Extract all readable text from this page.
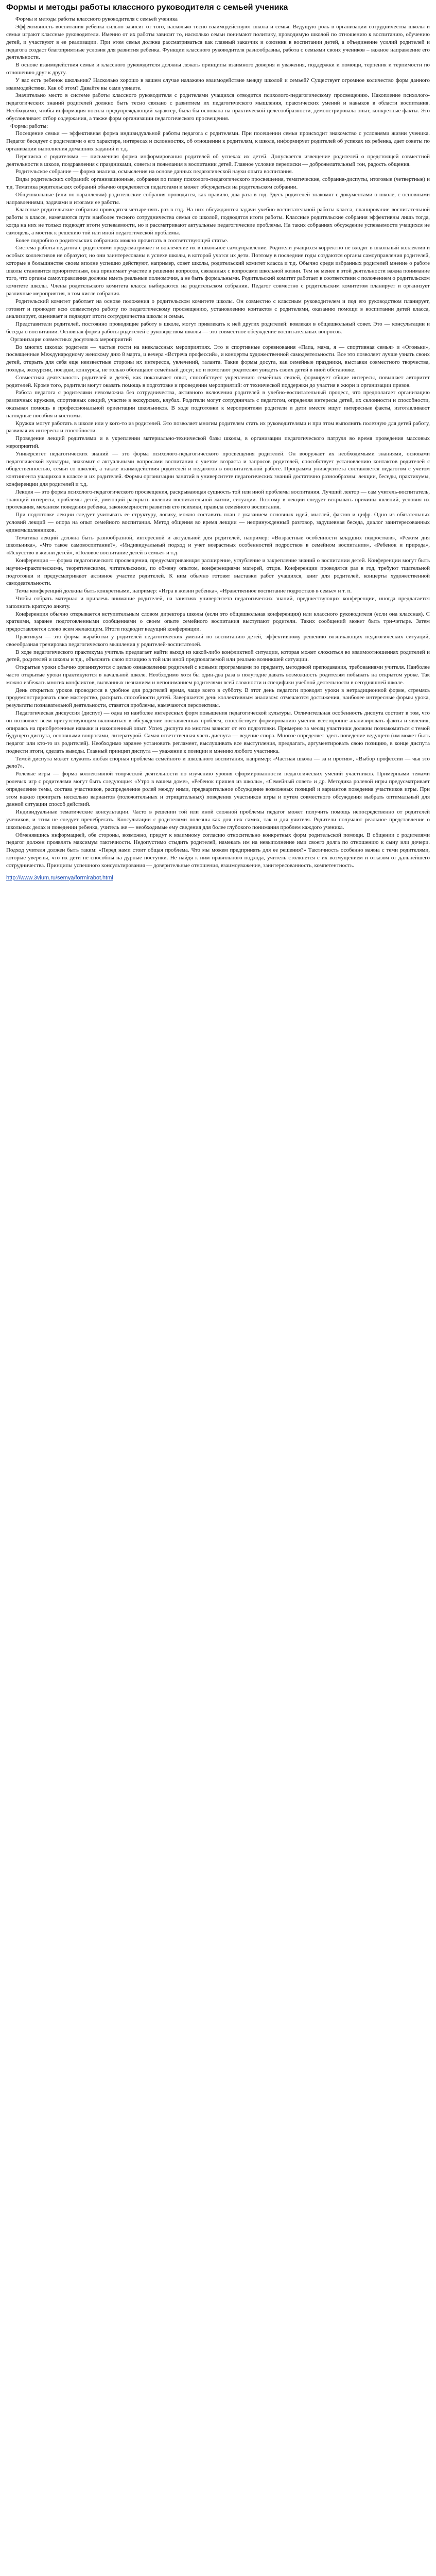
Формы и методы работы классного руководителя с семьей ученика

Формы и методы работы классного руководителя с семьей ученика

Эффективность воспитания ребенка сильно зависит от того, насколько тесно взаимодействуют школа и семья. Ведущую роль в организации сотрудничества школы и семьи играют классные руководители. Именно от их работы зависит то, насколько семьи понимают политику, проводимую школой по отношению к воспитанию, обучению детей, и участвуют в ее реализации. При этом семья должна рассматриваться как главный заказчик и союзник в воспитании детей, а объединение усилий родителей и педагога создаст благоприятные условия для развития ребенка. Функции классного руководителя разнообразны, работа с семьями своих учеников – важное направление его деятельности.

В основе взаимодействия семьи и классного руководителя должны лежать принципы взаимного доверия и уважения, поддержки и помощи, терпения и терпимости по отношению друг к другу.

У вас есть ребенок школьник? Насколько хорошо в вашем случае налажено взаимодействие между школой и семьей? Существует огромное количество форм данного взаимодействия. Как об этом? Давайте вы сами узнаете.

Значительно место в системе работы классного руководителя с родителями учащихся отводится психолого-педагогическому просвещению. Накопление психолого-педагогических знаний родителей должно быть тесно связано с развитием их педагогического мышления, практических умений и навыков в области воспитания. Необходимо, чтобы информация носила предупреждающий характер, была бы основана на практической целесообразности, демонстрировала опыт, конкретные факты. Это обусловливает отбор содержания, а также форм организации педагогического просвещения.

Формы работы:

Посещение семьи — эффективная форма индивидуальной работы педагога с родителями. При посещении семьи происходит знакомство с условиями жизни ученика. Педагог беседует с родителями о его характере, интересах и склонностях, об отношении к родителям, к школе, информирует родителей об успехах их ребенка, дает советы по организации выполнения домашних заданий и т.д.

Переписка с родителями — письменная форма информирования родителей об успехах их детей. Допускается извещение родителей о предстоящей совместной деятельности в школе, поздравления с праздниками, советы и пожелания в воспитании детей. Главное условие переписки — доброжелательный тон, радость общения.

Родительское собрание — форма анализа, осмысления на основе данных педагогической науки опыта воспитания.

Виды родительских собраний: организационные, собрания по плану психолого-педагогического просвещения, тематические, собрания-диспуты, итоговые (четвертные) и т.д. Тематика родительских собраний обычно определяется педагогами и может обсуждаться на родительском собрании.

Общешкольные (или по параллелям) родительские собрания проводятся, как правило, два раза в год. Здесь родителей знакомят с документами о школе, с основными направлениями, задачами и итогами ее работы.

Классные родительские собрания проводятся четыре-пять раз в год. На них обсуждаются задачи учебно-воспитательной работы класса, планирование воспитательной работы в классе, намечаются пути наиболее тесного сотрудничества семьи со школой, подводятся итоги работы. Классные родительские собрания эффективны лишь тогда, когда на них не только подводят итоги успеваемости, но и рассматривают актуальные педагогические проблемы. На таких собраниях обсуждение успеваемости учащихся не самоцель, а мостик к решению той или иной педагогической проблемы.

Более подробно о родительских собраниях можно прочитать в соответствующей статье.

Система работы педагога с родителями предусматривает и вовлечение их в школьное самоуправление. Родители учащихся корректно не входят в школьный коллектив и особых коллективов не образуют, но они заинтересованы в успехе школы, в которой учатся их дети. Поэтому в последние годы создаются органы самоуправления родителей, которые в большинстве своем вполне успешно действуют, например, совет школы, родительский комитет класса и т.д. Обычно среди избранных родителей мнение о работе школы становится приоритетным, она принимает участие в решении вопросов, связанных с вопросами школьной жизни. Тем не менее в этой деятельности важна понимание того, что органы самоуправления должны иметь реальные полномочия, а не быть формальными. Родительский комитет работает в соответствии с положением о родительском комитете школы. Члены родительского комитета класса выбираются на родительском собрании. Педагог совместно с родительским комитетом планирует и организует различные мероприятия, в том числе собрания.

Родительский комитет работает на основе положения о родительском комитете школы. Он совместно с классным руководителем и под его руководством планирует, готовит и проводит всю совместную работу по педагогическому просвещению, установлению контактов с родителями, оказанию помощи в воспитании детей класса, анализирует, оценивает и подводит итоги сотрудничества школы и семьи.

Представители родителей, постоянно проводящие работу в школе, могут привлекать к ней других родителей: вовлекая в общешкольный совет. Это — консультации и беседы о воспитании. Основная форма работы родителей с руководством школы — это совместное обсуждение воспитательных вопросов.

Организация совместных досуговых мероприятий

Во многих школах родители — частые гости на внеклассных мероприятиях. Это и спортивные соревнования «Папа, мама, я — спортивная семья» и «Огоньки», посвященные Международному женскому дню 8 марта, и вечера «Встреча профессий», и концерты художественной самодеятельности. Все это позволяет лучше узнать своих детей, открыть для себя еще неизвестные стороны их интересов, увлечений, таланта. Такие формы досуга, как семейные праздники, выставки совместного творчества, походы, экскурсии, поездки, конкурсы, не только обогащают семейный досуг, но и помогают родителям увидеть своих детей в иной обстановке.

Совместная деятельность родителей и детей, как показывает опыт, способствует укреплению семейных связей, формирует общие интересы, повышает авторитет родителей. Кроме того, родители могут оказать помощь в подготовке и проведении мероприятий: от технической поддержки до участия в жюри и организации призов.

Работа педагога с родителями невозможна без сотрудничества, активного включения родителей в учебно-воспитательный процесс, что предполагает организацию различных кружков, спортивных секций, участие в экскурсиях, клубах. Родители могут сотрудничать с педагогом, определяя интересы детей, их склонности и способности, оказывая помощь в профессиональной ориентации школьников. В ходе подготовки к мероприятиям родители и дети вместе ищут интересные факты, изготавливают наглядные пособия и костюмы.

Кружки могут работать в школе или у кого-то из родителей. Это позволяет многим родителям стать их руководителями и при этом выполнять полезную для детей работу, развивая их интересы и способности.

Проведение лекций родителями и в укреплении материально-технической базы школы, в организации педагогического патруля во время проведения массовых мероприятий.

Университет педагогических знаний — это форма психолого-педагогического просвещения родителей. Он вооружает их необходимыми знаниями, основами педагогической культуры, знакомит с актуальными вопросами воспитания с учетом возраста и запросов родителей, способствует установлению контактов родителей с общественностью, семьи со школой, а также взаимодействия родителей и педагогов в воспитательной работе. Программа университета составляется педагогом с учетом контингента учащихся в классе и их родителей. Формы организации занятий в университете педагогических знаний достаточно разнообразны: лекции, беседы, практикумы, конференции для родителей и т.д.

Лекция — это форма психолого-педагогического просвещения, раскрывающая сущность той или иной проблемы воспитания. Лучший лектор — сам учитель-воспитатель, знающий интересы, проблемы детей, умеющий раскрыть явления воспитательной жизни, ситуации. Поэтому в лекции следует вскрывать причины явлений, условия их протекания, механизм поведения ребенка, закономерности развития его психики, правила семейного воспитания.

При подготовке лекции следует учитывать ее структуру, логику, можно составить план с указанием основных идей, мыслей, фактов и цифр. Одно из обязательных условий лекций — опора на опыт семейного воспитания. Метод общения во время лекции — непринужденный разговор, задушевная беседа, диалог заинтересованных единомышленников.

Тематика лекций должна быть разнообразной, интересной и актуальной для родителей, например: «Возрастные особенности младших подростков», «Режим дня школьника», «Что такое самовоспитание?», «Индивидуальный подход и учет возрастных особенностей подростков в семейном воспитании», «Ребенок и природа», «Искусство в жизни детей», «Половое воспитание детей в семье» и т.д.

Конференция — форма педагогического просвещения, предусматривающая расширение, углубление и закрепление знаний о воспитании детей. Конференции могут быть научно-практическими, теоретическими, читательскими, по обмену опытом, конференциями матерей, отцов. Конференции проводятся раз в год, требуют тщательной подготовки и предусматривают активное участие родителей. К ним обычно готовят выставки работ учащихся, книг для родителей, концерты художественной самодеятельности.

Темы конференций должны быть конкретными, например: «Игра в жизни ребенка», «Нравственное воспитание подростков в семье» и т. п.

Чтобы собрать материал и привлечь внимание родителей, на занятиях университета педагогических знаний, предшествующих конференции, иногда предлагается заполнить краткую анкету.

Конференция обычно открывается вступительным словом директора школы (если это общешкольная конференция) или классного руководителя (если она классная). С краткими, заранее подготовленными сообщениями о своем опыте семейного воспитания выступают родители. Таких сообщений может быть три-четыре. Затем предоставляется слово всем желающим. Итоги подводит ведущий конференции.

Практикум — это форма выработки у родителей педагогических умений по воспитанию детей, эффективному решению возникающих педагогических ситуаций, своеобразная тренировка педагогического мышления у родителей-воспитателей.

В ходе педагогического практикума учитель предлагает найти выход из какой-либо конфликтной ситуации, которая может сложиться во взаимоотношениях родителей и детей, родителей и школы и т.д., объяснить свою позицию в той или иной предполагаемой или реально возникшей ситуации.

Открытые уроки обычно организуются с целью ознакомления родителей с новыми программами по предмету, методикой преподавания, требованиями учителя. Наиболее часто открытые уроки практикуются в начальной школе. Необходимо хотя бы один-два раза в полугодие давать возможность родителям побывать на открытом уроке. Так можно избежать многих конфликтов, вызванных незнанием и непониманием родителями всей сложности и специфики учебной деятельности в сегодняшней школе.

День открытых уроков проводится в удобное для родителей время, чаще всего в субботу. В этот день педагоги проводят уроки в нетрадиционной форме, стремясь продемонстрировать свое мастерство, раскрыть способности детей. Завершается день коллективным анализом: отмечаются достижения, наиболее интересные формы урока, результаты познавательной деятельности, ставятся проблемы, намечаются перспективы.

Педагогическая дискуссия (диспут) — одна из наиболее интересных форм повышения педагогической культуры. Отличительная особенность диспута состоит в том, что он позволяет всем присутствующим включиться в обсуждение поставленных проблем, способствует формированию умения всесторонне анализировать факты и явления, опираясь на приобретенные навыки и накопленный опыт. Успех диспута во многом зависит от его подготовки. Примерно за месяц участники должны познакомиться с темой будущего диспута, основными вопросами, литературой. Самая ответственная часть диспута — ведение спора. Многое определяет здесь поведение ведущего (им может быть педагог или кто-то из родителей). Необходимо заранее установить регламент, выслушивать все выступления, предлагать, аргументировать свою позицию, в конце диспута подвести итоги, сделать выводы. Главный принцип диспута — уважение к позиции и мнению любого участника.

Темой диспута может служить любая спорная проблема семейного и школьного воспитания, например: «Частная школа — за и против», «Выбор профессии — чья это дело?».

Ролевые игры — форма коллективной творческой деятельности по изучению уровня сформированности педагогических умений участников. Примерными темами ролевых игр с родителями могут быть следующие: «Утро в вашем доме», «Ребенок пришел из школы», «Семейный совет» и др. Методика ролевой игры предусматривает определение темы, состава участников, распределение ролей между ними, предварительное обсуждение возможных позиций и вариантов поведения участников игры. При этом важно проиграть несколько вариантов (положительных и отрицательных) поведения участников игры и путем совместного обсуждения выбрать оптимальный для данной ситуации способ действий.

Индивидуальные тематические консультации. Часто в решении той или иной сложной проблемы педагог может получить помощь непосредственно от родителей учеников, и этим не следует пренебрегать. Консультации с родителями полезны как для них самих, так и для учителя. Родители получают реальное представление о школьных делах и поведении ребенка, учитель же — необходимые ему сведения для более глубокого понимания проблем каждого ученика.

Обменявшись информацией, обе стороны, возможно, придут к взаимному согласию относительно конкретных форм родительской помощи. В общении с родителями педагог должен проявлять максимум тактичности. Недопустимо стыдить родителей, намекать им на невыполнение ими своего долга по отношению к сыну или дочери. Подход учителя должен быть таким: «Перед нами стоит общая проблема. Что мы можем предпринять для ее решения?» Тактичность особенно важна с теми родителями, которые уверены, что их дети не способны на дурные поступки. Не найдя к ним правильного подхода, учитель столкнется с их возмущением и отказом от дальнейшего сотрудничества. Принципы успешного консультирования — доверительные отношения, взаимоуважение, заинтересованность, компетентность.

http://www.3vium.ru/semya/formirabot.html
